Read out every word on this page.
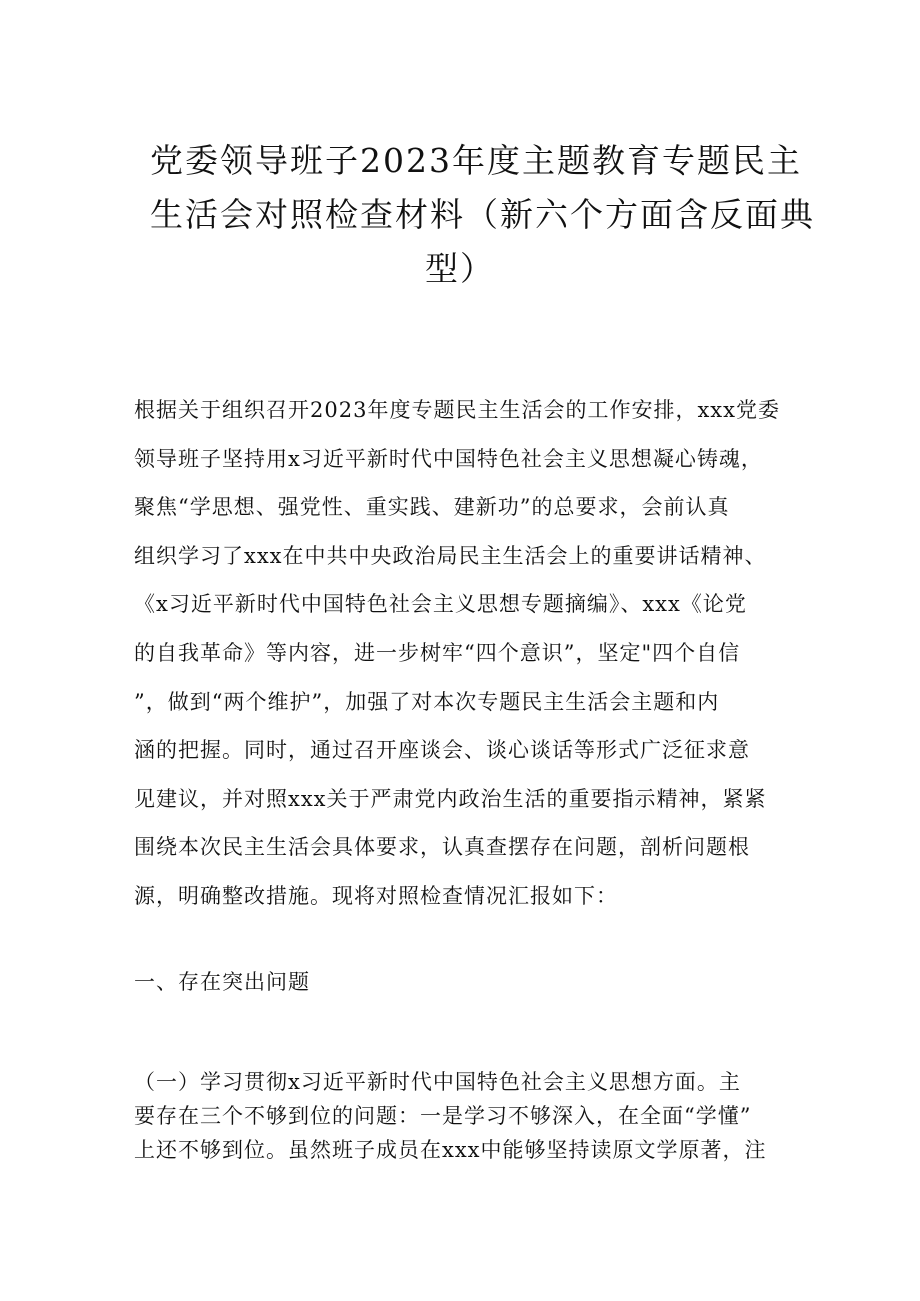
党委领导班子2023年度主题教育专题民主
生活会对照检查材料（新六个方面含反面典
型）

根据关于组织召开2023年度专题民主生活会的工作安排，xxx党委
领导班子坚持用x习近平新时代中国特色社会主义思想凝心铸魂，
聚焦“学思想、强党性、重实践、建新功”的总要求，会前认真
组织学习了xxx在中共中央政治局民主生活会上的重要讲话精神、
《x习近平新时代中国特色社会主义思想专题摘编》、xxx《论党
的自我革命》等内容，进一步树牢“四个意识”，坚定"四个自信
”，做到“两个维护”，加强了对本次专题民主生活会主题和内
涵的把握。同时，通过召开座谈会、谈心谈话等形式广泛征求意
见建议，并对照xxx关于严肃党内政治生活的重要指示精神，紧紧
围绕本次民主生活会具体要求，认真查摆存在问题，剖析问题根
源，明确整改措施。现将对照检查情况汇报如下：

一、存在突出问题

（一）学习贯彻x习近平新时代中国特色社会主义思想方面。主
要存在三个不够到位的问题：一是学习不够深入，在全面“学懂”
上还不够到位。虽然班子成员在xxx中能够坚持读原文学原著，注
